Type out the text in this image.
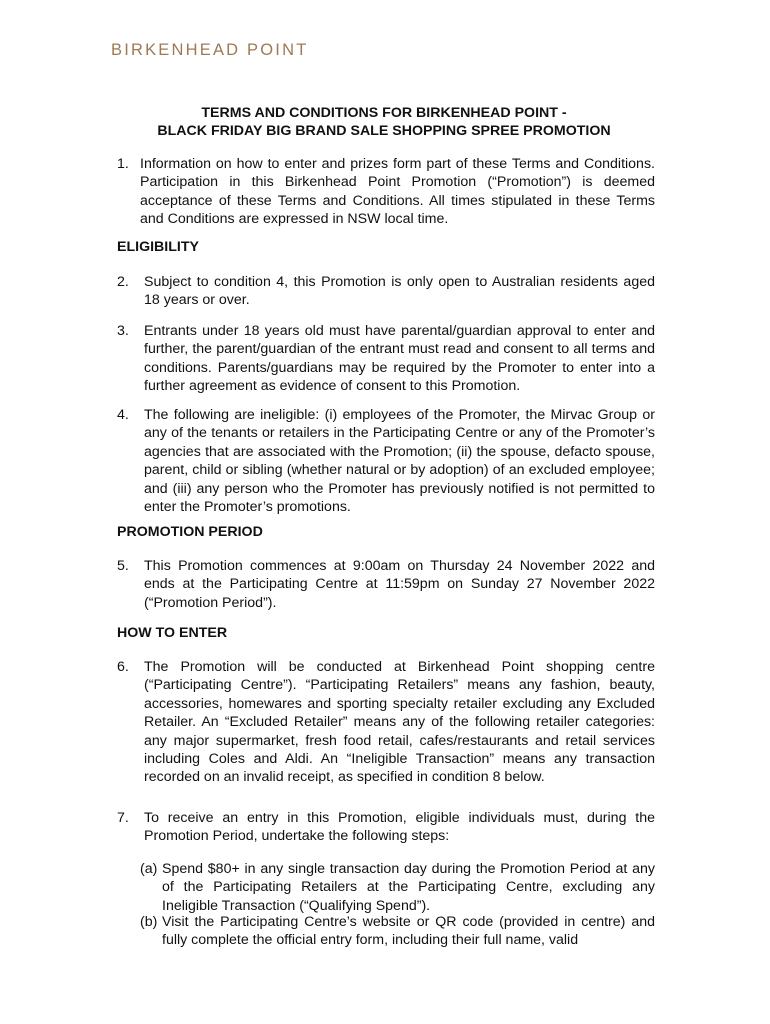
BIRKENHEAD POINT
TERMS AND CONDITIONS FOR BIRKENHEAD POINT -
BLACK FRIDAY BIG BRAND SALE SHOPPING SPREE PROMOTION
1. Information on how to enter and prizes form part of these Terms and Conditions. Participation in this Birkenhead Point Promotion (“Promotion”) is deemed acceptance of these Terms and Conditions. All times stipulated in these Terms and Conditions are expressed in NSW local time.
ELIGIBILITY
2. Subject to condition 4, this Promotion is only open to Australian residents aged 18 years or over.
3. Entrants under 18 years old must have parental/guardian approval to enter and further, the parent/guardian of the entrant must read and consent to all terms and conditions. Parents/guardians may be required by the Promoter to enter into a further agreement as evidence of consent to this Promotion.
4. The following are ineligible: (i) employees of the Promoter, the Mirvac Group or any of the tenants or retailers in the Participating Centre or any of the Promoter’s agencies that are associated with the Promotion; (ii) the spouse, defacto spouse, parent, child or sibling (whether natural or by adoption) of an excluded employee; and (iii) any person who the Promoter has previously notified is not permitted to enter the Promoter’s promotions.
PROMOTION PERIOD
5. This Promotion commences at 9:00am on Thursday 24 November 2022 and ends at the Participating Centre at 11:59pm on Sunday 27 November 2022 (“Promotion Period”).
HOW TO ENTER
6. The Promotion will be conducted at Birkenhead Point shopping centre (“Participating Centre”). “Participating Retailers” means any fashion, beauty, accessories, homewares and sporting specialty retailer excluding any Excluded Retailer. An “Excluded Retailer” means any of the following retailer categories: any major supermarket, fresh food retail, cafes/restaurants and retail services including Coles and Aldi. An “Ineligible Transaction” means any transaction recorded on an invalid receipt, as specified in condition 8 below.
7. To receive an entry in this Promotion, eligible individuals must, during the Promotion Period, undertake the following steps:
(a) Spend $80+ in any single transaction day during the Promotion Period at any of the Participating Retailers at the Participating Centre, excluding any Ineligible Transaction (“Qualifying Spend”).
(b) Visit the Participating Centre’s website or QR code (provided in centre) and fully complete the official entry form, including their full name, valid
